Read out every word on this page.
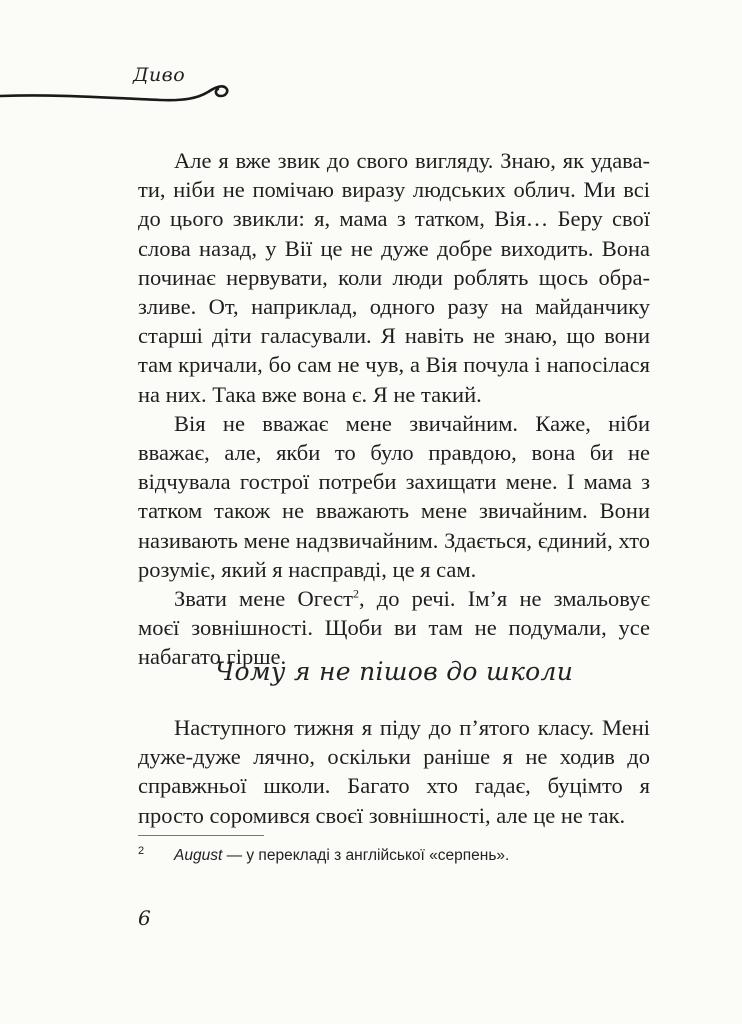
Диво

Але я вже звик до свого вигляду. Знаю, як удавати, ніби не помічаю виразу людських облич. Ми всі до цього звикли: я, мама з татком, Вія… Беру свої слова назад, у Вії це не дуже добре виходить. Вона починає нервувати, коли люди роблять щось образливе. От, наприклад, одного разу на майданчику старші діти галасували. Я навіть не знаю, що вони там кричали, бо сам не чув, а Вія почула і напосілася на них. Така вже вона є. Я не такий.

Вія не вважає мене звичайним. Каже, ніби вважає, але, якби то було правдою, вона би не відчувала гострої потреби захищати мене. І мама з татком також не вважають мене звичайним. Вони називають мене надзвичайним. Здається, єдиний, хто розуміє, який я насправді, це я сам.

Звати мене Огест$^2$, до речі. Ім’я не змальовує моєї зовнішності. Щоби ви там не подумали, усе набагато гірше.

Чому я не пішов до школи

Наступного тижня я піду до п’ятого класу. Мені дуже-дуже лячно, оскільки раніше я не ходив до справжньої школи. Багато хто гадає, буцімто я просто соромився своєї зовнішності, але це не так.

2 August — у перекладі з англійської «серпень».
6
